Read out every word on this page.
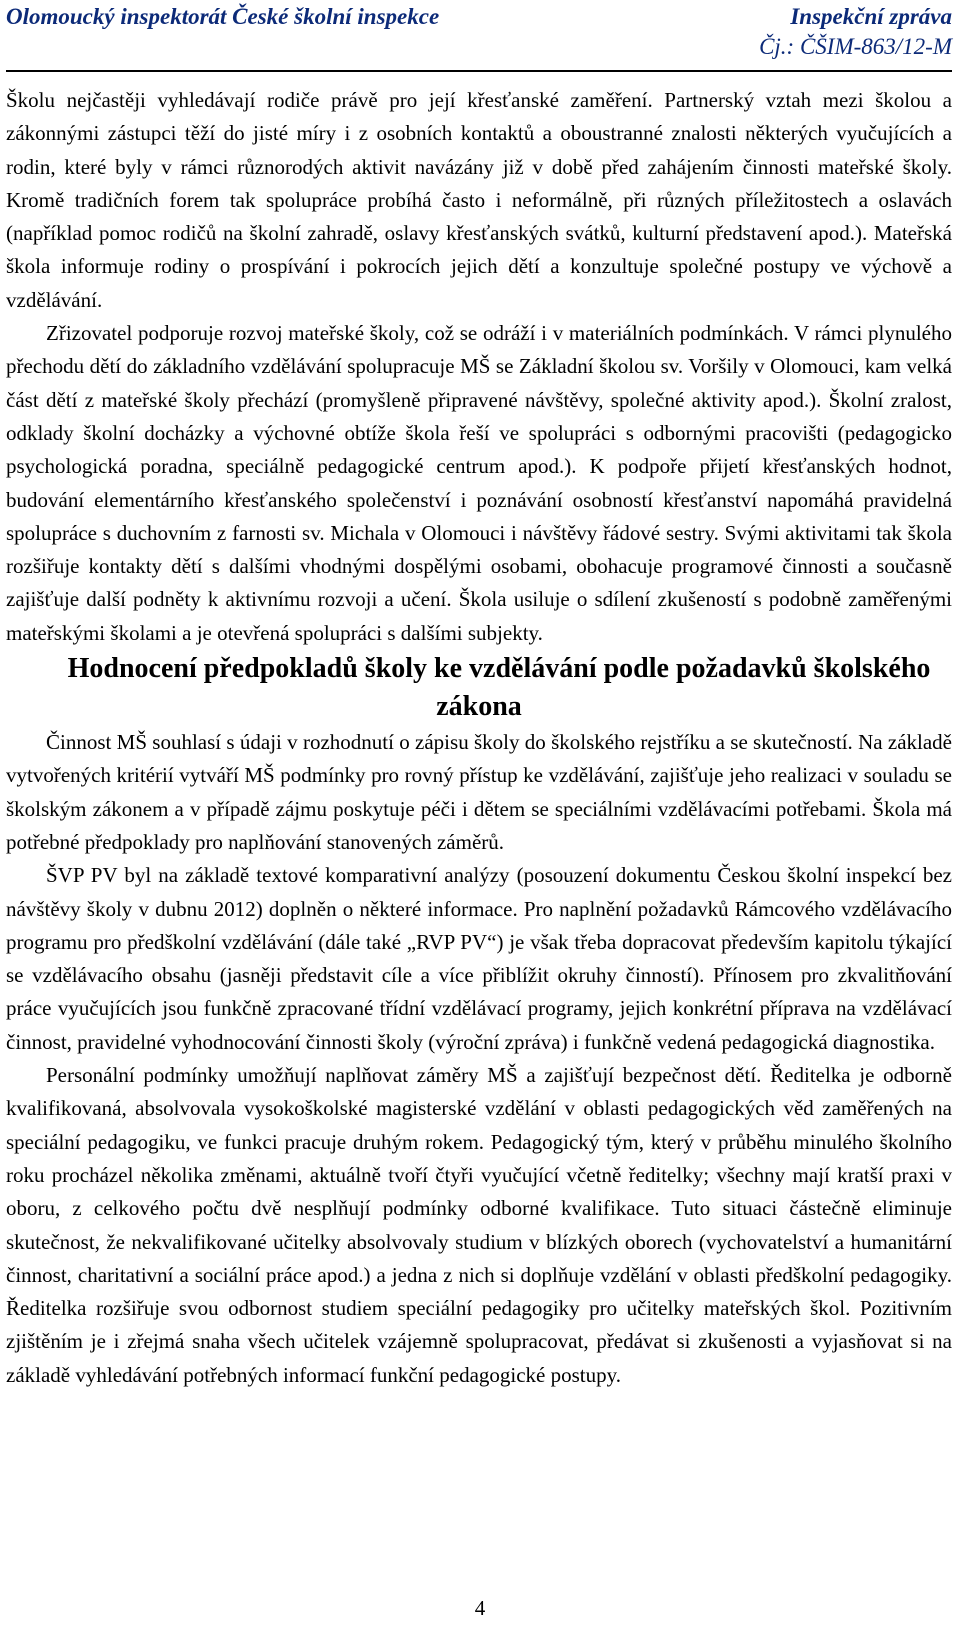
Olomoucký inspektorát České školní inspekce	Inspekční zpráva
Čj.: ČŠIM-863/12-M

Školu nejčastěji vyhledávají rodiče právě pro její křesťanské zaměření. Partnerský vztah mezi školou a zákonnými zástupci těží do jisté míry i z osobních kontaktů a oboustranné znalosti některých vyučujících a rodin, které byly v rámci různorodých aktivit navázány již v době před zahájením činnosti mateřské školy. Kromě tradičních forem tak spolupráce probíhá často i neformálně, při různých příležitostech a oslavách (například pomoc rodičů na školní zahradě, oslavy křesťanských svátků, kulturní představení apod.). Mateřská škola informuje rodiny o prospívání i pokrocích jejich dětí a konzultuje společné postupy ve výchově a vzdělávání.

Zřizovatel podporuje rozvoj mateřské školy, což se odráží i v materiálních podmínkách. V rámci plynulého přechodu dětí do základního vzdělávání spolupracuje MŠ se Základní školou sv. Voršily v Olomouci, kam velká část dětí z mateřské školy přechází (promyšleně připravené návštěvy, společné aktivity apod.). Školní zralost, odklady školní docházky a výchovné obtíže škola řeší ve spolupráci s odbornými pracovišti (pedagogicko psychologická poradna, speciálně pedagogické centrum apod.). K podpoře přijetí křesťanských hodnot, budování elementárního křesťanského společenství i poznávání osobností křesťanství napomáhá pravidelná spolupráce s duchovním z farnosti sv. Michala v Olomouci i návštěvy řádové sestry. Svými aktivitami tak škola rozšiřuje kontakty dětí s dalšími vhodnými dospělými osobami, obohacuje programové činnosti a současně zajišťuje další podněty k aktivnímu rozvoji a učení. Škola usiluje o sdílení zkušeností s podobně zaměřenými mateřskými školami a je otevřená spolupráci s dalšími subjekty.

Hodnocení předpokladů školy ke vzdělávání podle požadavků školského zákona

Činnost MŠ souhlasí s údaji v rozhodnutí o zápisu školy do školského rejstříku a se skutečností. Na základě vytvořených kritérií vytváří MŠ podmínky pro rovný přístup ke vzdělávání, zajišťuje jeho realizaci v souladu se školským zákonem a v případě zájmu poskytuje péči i dětem se speciálními vzdělávacími potřebami. Škola má potřebné předpoklady pro naplňování stanovených záměrů.

ŠVP PV byl na základě textové komparativní analýzy (posouzení dokumentu Českou školní inspekcí bez návštěvy školy v dubnu 2012) doplněn o některé informace. Pro naplnění požadavků Rámcového vzdělávacího programu pro předškolní vzdělávání (dále také „RVP PV“) je však třeba dopracovat především kapitolu týkající se vzdělávacího obsahu (jasněji představit cíle a více přiblížit okruhy činností). Přínosem pro zkvalitňování práce vyučujících jsou funkčně zpracované třídní vzdělávací programy, jejich konkrétní příprava na vzdělávací činnost, pravidelné vyhodnocování činnosti školy (výroční zpráva) i funkčně vedená pedagogická diagnostika.

Personální podmínky umožňují naplňovat záměry MŠ a zajišťují bezpečnost dětí. Ředitelka je odborně kvalifikovaná, absolvovala vysokoškolské magisterské vzdělání v oblasti pedagogických věd zaměřených na speciální pedagogiku, ve funkci pracuje druhým rokem. Pedagogický tým, který v průběhu minulého školního roku procházel několika změnami, aktuálně tvoří čtyři vyučující včetně ředitelky; všechny mají kratší praxi v oboru, z celkového počtu dvě nesplňují podmínky odborné kvalifikace. Tuto situaci částečně eliminuje skutečnost, že nekvalifikované učitelky absolvovaly studium v blízkých oborech (vychovatelství a humanitární činnost, charitativní a sociální práce apod.) a jedna z nich si doplňuje vzdělání v oblasti předškolní pedagogiky. Ředitelka rozšiřuje svou odbornost studiem speciální pedagogiky pro učitelky mateřských škol. Pozitivním zjištěním je i zřejmá snaha všech učitelek vzájemně spolupracovat, předávat si zkušenosti a vyjasňovat si na základě vyhledávání potřebných informací funkční pedagogické postupy.

4
